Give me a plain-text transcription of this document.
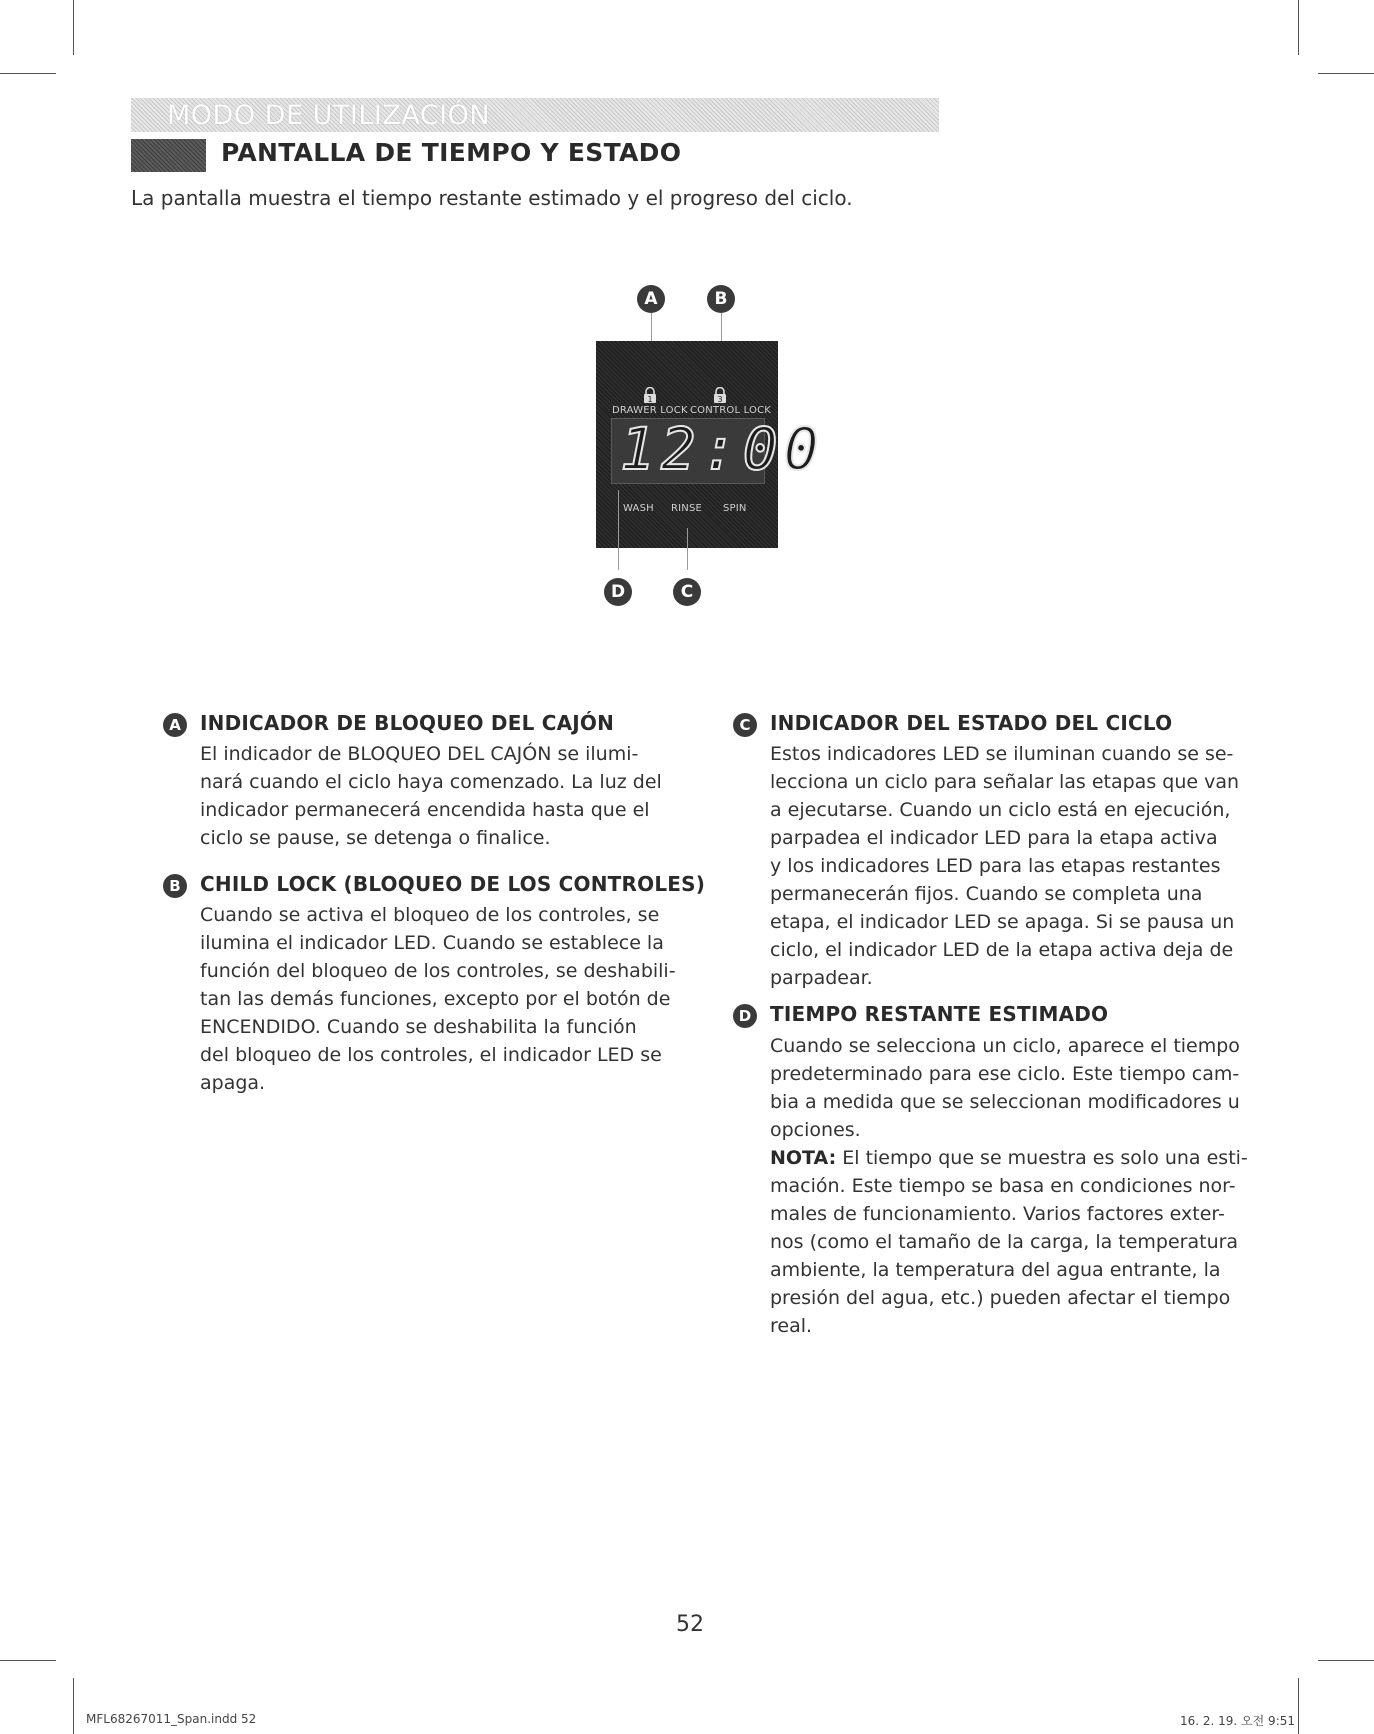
MODO DE UTILIZACIÓN
PANTALLA DE TIEMPO Y ESTADO
La pantalla muestra el tiempo restante estimado y el progreso del ciclo.
A	B
1	3
DRAWER LOCK CONTROL LOCK
12:00
WASH RINSE SPIN
D	C
A INDICADOR DE BLOQUEO DEL CAJÓN
El indicador de BLOQUEO DEL CAJÓN se ilumi-
nará cuando el ciclo haya comenzado. La luz del
indicador permanecerá encendida hasta que el
ciclo se pause, se detenga o finalice.
B CHILD LOCK (BLOQUEO DE LOS CONTROLES)
Cuando se activa el bloqueo de los controles, se
ilumina el indicador LED. Cuando se establece la
función del bloqueo de los controles, se deshabili-
tan las demás funciones, excepto por el botón de
ENCENDIDO. Cuando se deshabilita la función
del bloqueo de los controles, el indicador LED se
apaga.
C INDICADOR DEL ESTADO DEL CICLO
Estos indicadores LED se iluminan cuando se se-
lecciona un ciclo para señalar las etapas que van
a ejecutarse. Cuando un ciclo está en ejecución,
parpadea el indicador LED para la etapa activa
y los indicadores LED para las etapas restantes
permanecerán fijos. Cuando se completa una
etapa, el indicador LED se apaga. Si se pausa un
ciclo, el indicador LED de la etapa activa deja de
parpadear.
D TIEMPO RESTANTE ESTIMADO
Cuando se selecciona un ciclo, aparece el tiempo
predeterminado para ese ciclo. Este tiempo cam-
bia a medida que se seleccionan modificadores u
opciones.
NOTA: El tiempo que se muestra es solo una esti-
mación. Este tiempo se basa en condiciones nor-
males de funcionamiento. Varios factores exter-
nos (como el tamaño de la carga, la temperatura
ambiente, la temperatura del agua entrante, la
presión del agua, etc.) pueden afectar el tiempo
real.
52
MFL68267011_Span.indd 52	16. 2. 19. 오전 9:51
